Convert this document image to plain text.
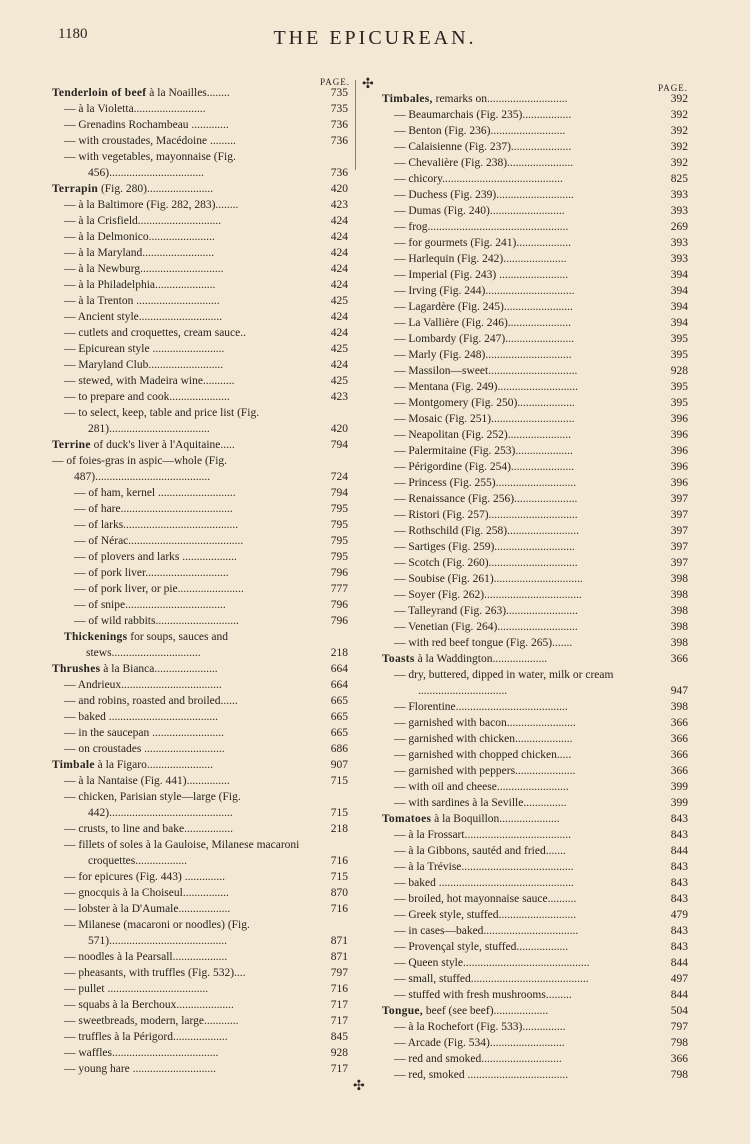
1180	THE EPICUREAN.
PAGE.
Tenderloin of beef à la Noailles........	735
— à la Violetta.........................	735
— Grenadins Rochambeau .............	736
— with croustades, Macédoine .........	736
— with vegetables, mayonnaise (Fig. 456).................................	736
Terrapin (Fig. 280).......................	420
— à la Baltimore (Fig. 282, 283)........	423
— à la Crisfield.............................	424
— à la Delmonico.......................	424
— à la Maryland.........................	424
— à la Newburg.............................	424
— à la Philadelphia.....................	424
— à la Trenton .............................	425
— Ancient style.............................	424
— cutlets and croquettes, cream sauce..	424
— Epicurean style .........................	425
— Maryland Club..........................	424
— stewed, with Madeira wine...........	425
— to prepare and cook.....................	423
— to select, keep, table and price list (Fig. 281)...................................	420
Terrine of duck's liver à l'Aquitaine.....	794
— of foies-gras in aspic—whole (Fig. 487)........................................	724
— of ham, kernel ...........................	794
— of hare.......................................	795
— of larks........................................	795
— of Nérac........................................	795
— of plovers and larks ...................	795
— of pork liver.............................	796
— of pork liver, or pie.......................	777
— of snipe...................................	796
— of wild rabbits.............................	796
Thickenings for soups, sauces and stews...............................	218
Thrushes à la Bianca......................	664
— Andrieux...................................	664
— and robins, roasted and broiled......	665
— baked ......................................	665
— in the saucepan .........................	665
— on croustades ............................	686
Timbale à la Figaro.......................	907
— à la Nantaise (Fig. 441)...............	715
— chicken, Parisian style—large (Fig. 442)...........................................	715
— crusts, to line and bake.................	218
— fillets of soles à la Gauloise, Milanese macaroni croquettes..................	716
— for epicures (Fig. 443) ..............	715
— gnocquis à la Choiseul................	870
— lobster à la D'Aumale..................	716
— Milanese (macaroni or noodles) (Fig. 571).........................................	871
— noodles à la Pearsall...................	871
— pheasants, with truffles (Fig. 532)....	797
— pullet ...................................	716
— squabs à la Berchoux....................	717
— sweetbreads, modern, large............	717
— truffles à la Périgord...................	845
— waffles.....................................	928
— young hare .............................	717
✣
✣
PAGE.
Timbales, remarks on............................	392
— Beaumarchais (Fig. 235).................	392
— Benton (Fig. 236)..........................	392
— Calaisienne (Fig. 237).....................	392
— Chevalière (Fig. 238).......................	392
— chicory..........................................	825
— Duchess (Fig. 239)...........................	393
— Dumas (Fig. 240)..........................	393
— frog.................................................	269
— for gourmets (Fig. 241)...................	393
— Harlequin (Fig. 242)......................	393
— Imperial (Fig. 243) ........................	394
— Irving (Fig. 244)...............................	394
— Lagardère (Fig. 245)........................	394
— La Vallière (Fig. 246)......................	394
— Lombardy (Fig. 247)........................	395
— Marly (Fig. 248)..............................	395
— Massilon—sweet...............................	928
— Mentana (Fig. 249)............................	395
— Montgomery (Fig. 250)....................	395
— Mosaic (Fig. 251).............................	396
— Neapolitan (Fig. 252)......................	396
— Palermitaine (Fig. 253)....................	396
— Périgordine (Fig. 254)......................	396
— Princess (Fig. 255)............................	396
— Renaissance (Fig. 256)......................	397
— Ristori (Fig. 257)...............................	397
— Rothschild (Fig. 258).........................	397
— Sartiges (Fig. 259)............................	397
— Scotch (Fig. 260)...............................	397
— Soubise (Fig. 261)...............................	398
— Soyer (Fig. 262)..................................	398
— Talleyrand (Fig. 263).........................	398
— Venetian (Fig. 264)............................	398
— with red beef tongue (Fig. 265).......	398
Toasts à la Waddington...................	366
— dry, buttered, dipped in water, milk or cream ...............................	947
— Florentine.......................................	398
— garnished with bacon........................	366
— garnished with chicken....................	366
— garnished with chopped chicken.....	366
— garnished with peppers.....................	366
— with oil and cheese.........................	399
— with sardines à la Seville...............	399
Tomatoes à la Boquillon.....................	843
— à la Frossart.....................................	843
— à la Gibbons, sautéd and fried.......	844
— à la Trévise.......................................	843
— baked ...............................................	843
— broiled, hot mayonnaise sauce..........	843
— Greek style, stuffed...........................	479
— in cases—baked.................................	843
— Provençal style, stuffed..................	843
— Queen style............................................	844
— small, stuffed.........................................	497
— stuffed with fresh mushrooms.........	844
Tongue, beef (see beef)...................	504
— à la Rochefort (Fig. 533)...............	797
— Arcade (Fig. 534)..........................	798
— red and smoked............................	366
— red, smoked ...................................	798
